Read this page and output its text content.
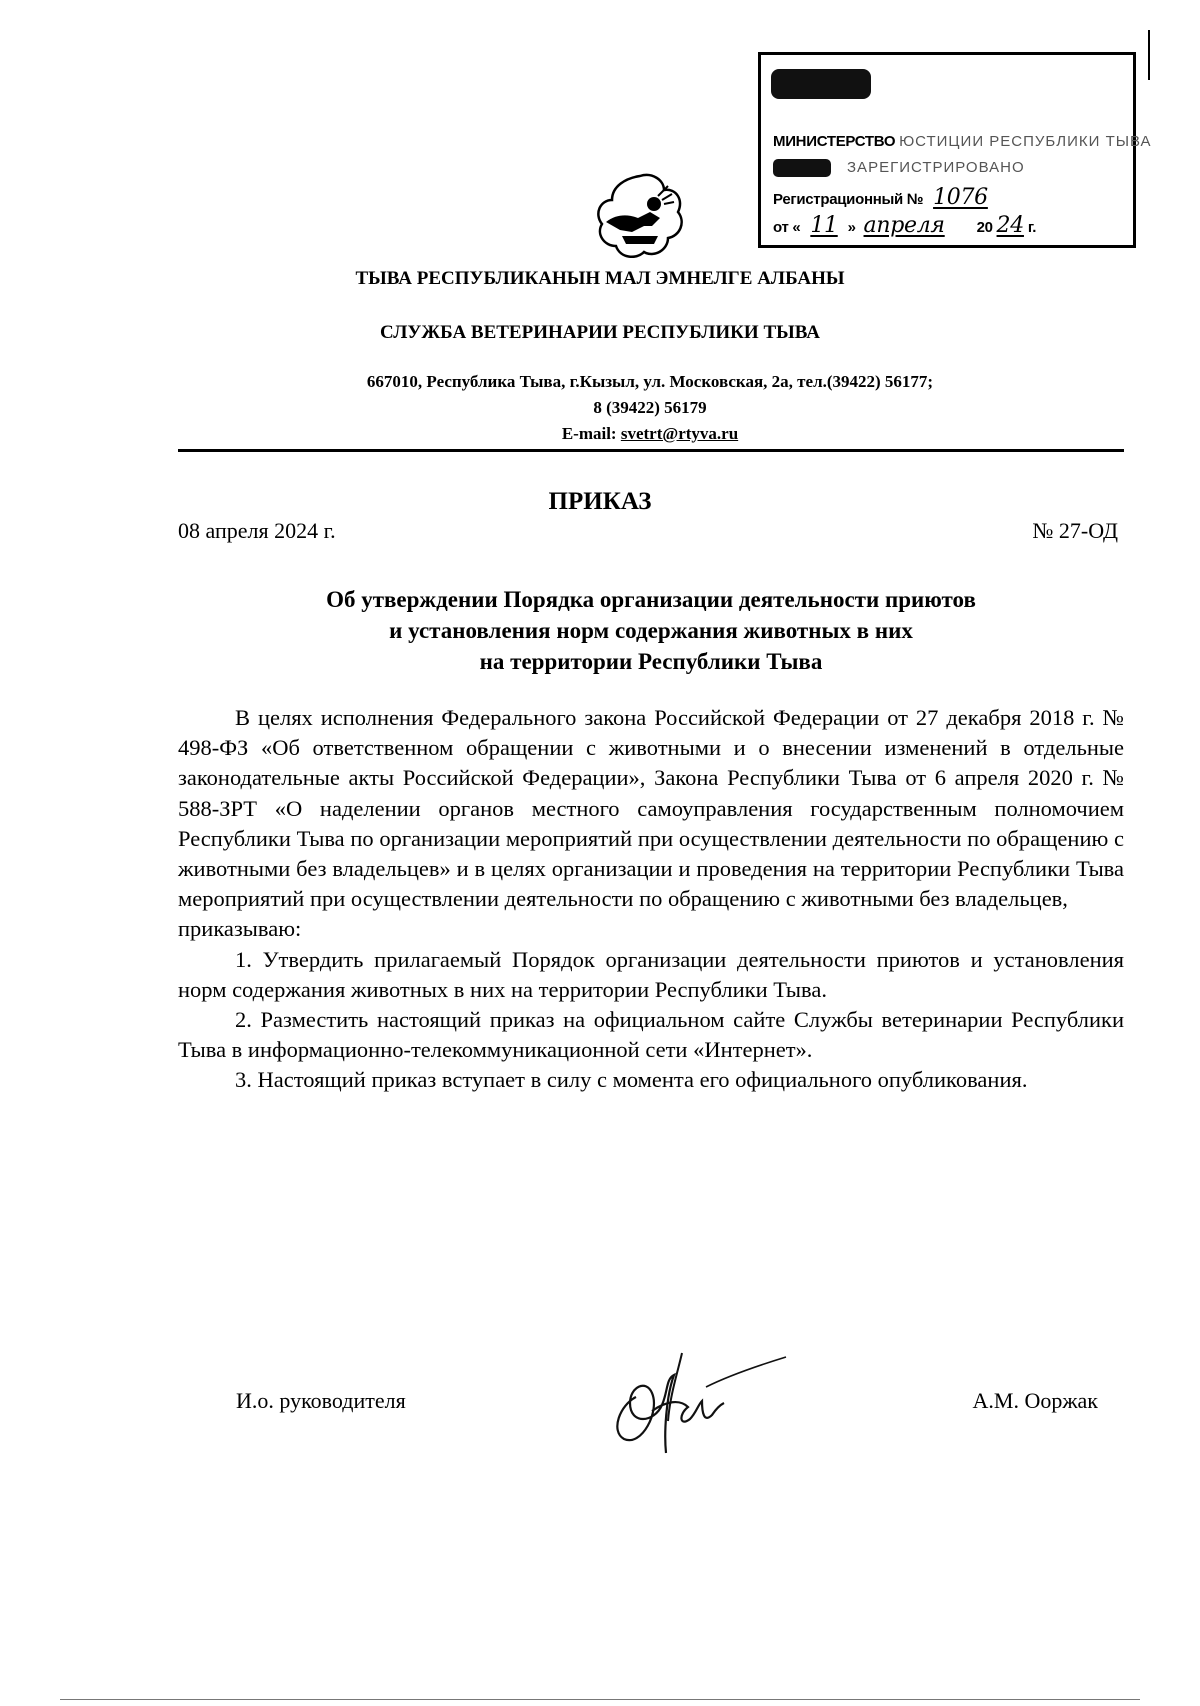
МИНИСТЕРСТВО ЮСТИЦИИ РЕСПУБЛИКИ ТЫВА
ЗАРЕГИСТРИРОВАНО
Регистрационный № 1076
от « 11 » апреля 20 24 г.
ТЫВА РЕСПУБЛИКАНЫН МАЛ ЭМНЕЛГЕ АЛБАНЫ
СЛУЖБА ВЕТЕРИНАРИИ РЕСПУБЛИКИ ТЫВА
667010, Республика Тыва, г.Кызыл, ул. Московская, 2а, тел.(39422) 56177;
8 (39422) 56179
E-mail: svetrt@rtyva.ru
ПРИКАЗ
08 апреля 2024 г.	№ 27-ОД
Об утверждении Порядка организации деятельности приютов
и установления норм содержания животных в них
на территории Республики Тыва

В целях исполнения Федерального закона Российской Федерации от 27 декабря 2018 г. № 498-ФЗ «Об ответственном обращении с животными и о внесении изменений в отдельные законодательные акты Российской Федерации», Закона Республики Тыва от 6 апреля 2020 г. № 588-ЗРТ «О наделении органов местного самоуправления государственным полномочием Республики Тыва по организации мероприятий при осуществлении деятельности по обращению с животными без владельцев» и в целях организации и проведения на территории Республики Тыва мероприятий при осуществлении деятельности по обращению с животными без владельцев,

приказываю:

1. Утвердить прилагаемый Порядок организации деятельности приютов и установления норм содержания животных в них на территории Республики Тыва.

2. Разместить настоящий приказ на официальном сайте Службы ветеринарии Республики Тыва в информационно-телекоммуникационной сети «Интернет».

3. Настоящий приказ вступает в силу с момента его официального опубликования.

И.о. руководителя	А.М. Ооржак
